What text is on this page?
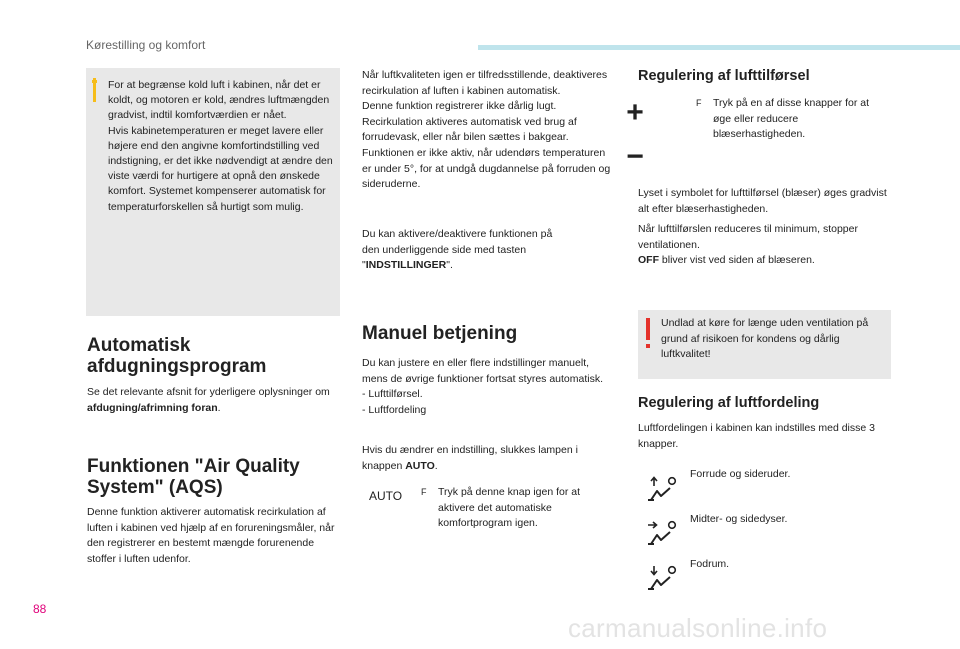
Kørestilling og komfort
For at begrænse kold luft i kabinen, når det er koldt, og motoren er kold, ændres luftmængden gradvist, indtil komfortværdien er nået.
Hvis kabinetemperaturen er meget lavere eller højere end den angivne komfortindstilling ved indstigning, er det ikke nødvendigt at ændre den viste værdi for hurtigere at opnå den ønskede komfort. Systemet kompenserer automatisk for temperaturforskellen så hurtigt som mulig.
Automatisk afdugningsprogram
Se det relevante afsnit for yderligere oplysninger om afdugning/afrimning foran.
Funktionen "Air Quality System" (AQS)
Denne funktion aktiverer automatisk recirkulation af luften i kabinen ved hjælp af en forureningsmåler, når den registrerer en bestemt mængde forurenende stoffer i luften udenfor.
Når luftkvaliteten igen er tilfredsstillende, deaktiveres recirkulation af luften i kabinen automatisk.
Denne funktion registrerer ikke dårlig lugt.
Recirkulation aktiveres automatisk ved brug af forrudevask, eller når bilen sættes i bakgear.
Funktionen er ikke aktiv, når udendørs temperaturen er under 5°, for at undgå dugdannelse på forruden og sideruderne.
Du kan aktivere/deaktivere funktionen på den underliggende side med tasten "INDSTILLINGER".
Manuel betjening
Du kan justere en eller flere indstillinger manuelt, mens de øvrige funktioner fortsat styres automatisk.
- Lufttilførsel.
- Luftfordeling
Hvis du ændrer en indstilling, slukkes lampen i knappen AUTO.
AUTO F Tryk på denne knap igen for at aktivere det automatiske komfortprogram igen.
Regulering af lufttilførsel
+
−
F Tryk på en af disse knapper for at øge eller reducere blæserhastigheden.
Lyset i symbolet for lufttilførsel (blæser) øges gradvist alt efter blæserhastigheden.
Når lufttilførslen reduceres til minimum, stopper ventilationen.
OFF bliver vist ved siden af blæseren.
Undlad at køre for længe uden ventilation på grund af risikoen for kondens og dårlig luftkvalitet!
Regulering af luftfordeling
Luftfordelingen i kabinen kan indstilles med disse 3 knapper.
Forrude og sideruder.
Midter- og sidedyser.
Fodrum.
88
carmanualsonline.info
